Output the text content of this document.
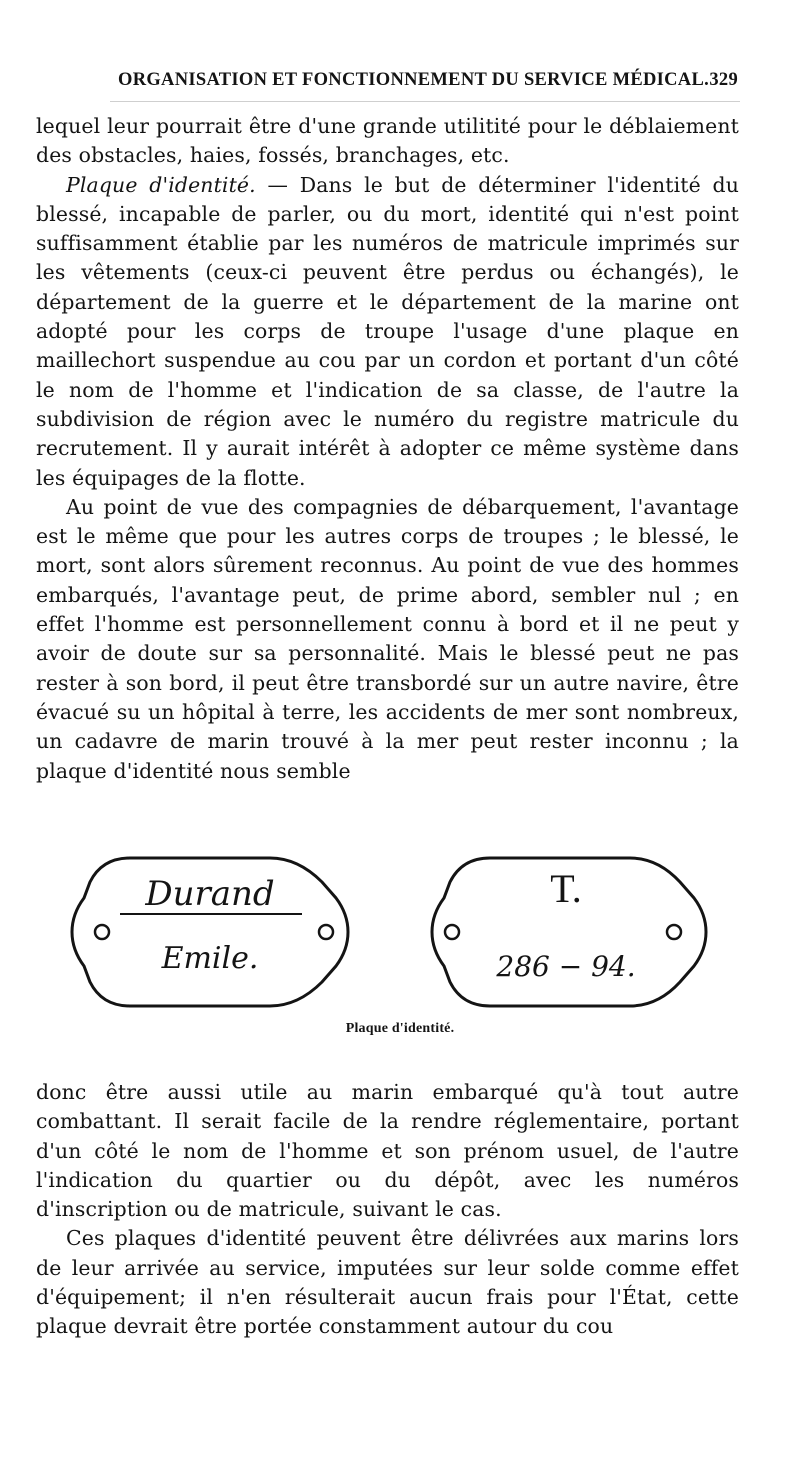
ORGANISATION ET FONCTIONNEMENT DU SERVICE MÉDICAL. 329

lequel leur pourrait être d'une grande utilitité pour le déblaiement des obstacles, haies, fossés, branchages, etc.

Plaque d'identité. — Dans le but de déterminer l'identité du blessé, incapable de parler, ou du mort, identité qui n'est point suffisamment établie par les numéros de matricule imprimés sur les vêtements (ceux-ci peuvent être perdus ou échangés), le département de la guerre et le département de la marine ont adopté pour les corps de troupe l'usage d'une plaque en maillechort suspendue au cou par un cordon et portant d'un côté le nom de l'homme et l'indication de sa classe, de l'autre la subdivision de région avec le numéro du registre matricule du recrutement. Il y aurait intérêt à adopter ce même système dans les équipages de la flotte.

Au point de vue des compagnies de débarquement, l'avantage est le même que pour les autres corps de troupes ; le blessé, le mort, sont alors sûrement reconnus. Au point de vue des hommes embarqués, l'avantage peut, de prime abord, sembler nul ; en effet l'homme est personnellement connu à bord et il ne peut y avoir de doute sur sa personnalité. Mais le blessé peut ne pas rester à son bord, il peut être transbordé sur un autre navire, être évacué su un hôpital à terre, les accidents de mer sont nombreux, un cadavre de marin trouvé à la mer peut rester inconnu ; la plaque d'identité nous semble

Durand
Emile.
T.
286 − 94.
Plaque d'identité.

donc être aussi utile au marin embarqué qu'à tout autre combattant. Il serait facile de la rendre réglementaire, portant d'un côté le nom de l'homme et son prénom usuel, de l'autre l'indication du quartier ou du dépôt, avec les numéros d'inscription ou de matricule, suivant le cas.

Ces plaques d'identité peuvent être délivrées aux marins lors de leur arrivée au service, imputées sur leur solde comme effet d'équipement; il n'en résulterait aucun frais pour l'État, cette plaque devrait être portée constamment autour du cou
